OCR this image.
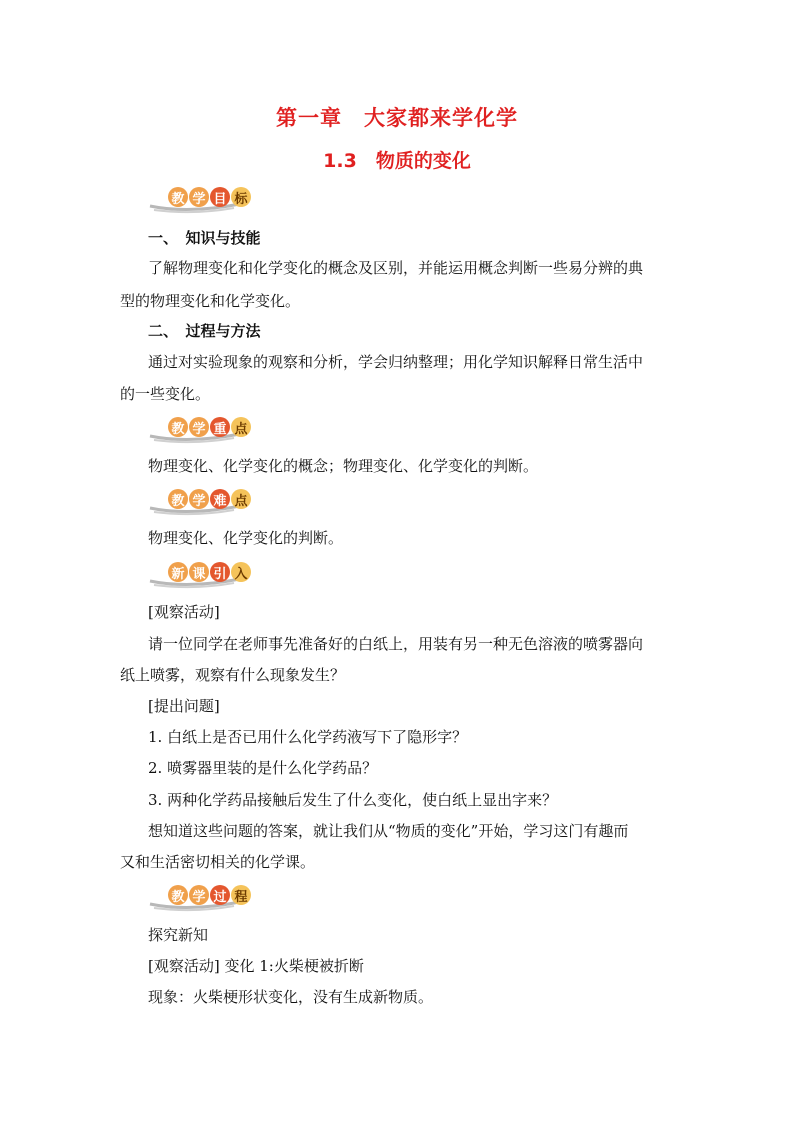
第一章　大家都来学化学
1.3　物质的变化
教 学 目 标
一、　知识与技能
了解物理变化和化学变化的概念及区别，并能运用概念判断一些易分辨的典
型的物理变化和化学变化。
二、　过程与方法
通过对实验现象的观察和分析，学会归纳整理；用化学知识解释日常生活中
的一些变化。
教 学 重 点
物理变化、化学变化的概念；物理变化、化学变化的判断。
教 学 难 点
物理变化、化学变化的判断。
新 课 引 入
[观察活动]
请一位同学在老师事先准备好的白纸上，用装有另一种无色溶液的喷雾器向
纸上喷雾，观察有什么现象发生？
[提出问题]
1. 白纸上是否已用什么化学药液写下了隐形字？
2. 喷雾器里装的是什么化学药品？
3. 两种化学药品接触后发生了什么变化，使白纸上显出字来？
想知道这些问题的答案，就让我们从“物质的变化”开始，学习这门有趣而
又和生活密切相关的化学课。
教 学 过 程
探究新知
[观察活动] 变化 1:火柴梗被折断
现象：火柴梗形状变化，没有生成新物质。
